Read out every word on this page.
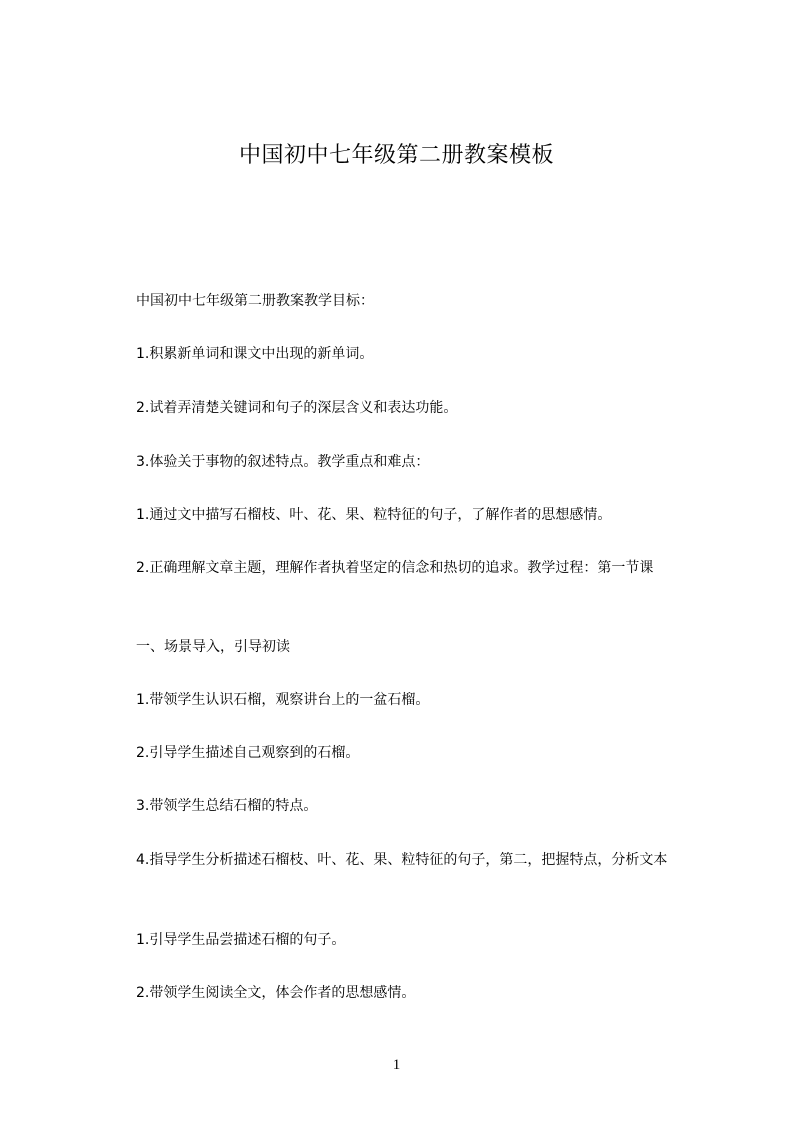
中国初中七年级第二册教案模板

中国初中七年级第二册教案教学目标：

1.积累新单词和课文中出现的新单词。

2.试着弄清楚关键词和句子的深层含义和表达功能。

3.体验关于事物的叙述特点。教学重点和难点：

1.通过文中描写石榴枝、叶、花、果、粒特征的句子，了解作者的思想感情。

2.正确理解文章主题，理解作者执着坚定的信念和热切的追求。教学过程：第一节课

一、场景导入，引导初读

1.带领学生认识石榴，观察讲台上的一盆石榴。

2.引导学生描述自己观察到的石榴。

3.带领学生总结石榴的特点。

4.指导学生分析描述石榴枝、叶、花、果、粒特征的句子，第二，把握特点，分析文本

1.引导学生品尝描述石榴的句子。

2.带领学生阅读全文，体会作者的思想感情。

1
